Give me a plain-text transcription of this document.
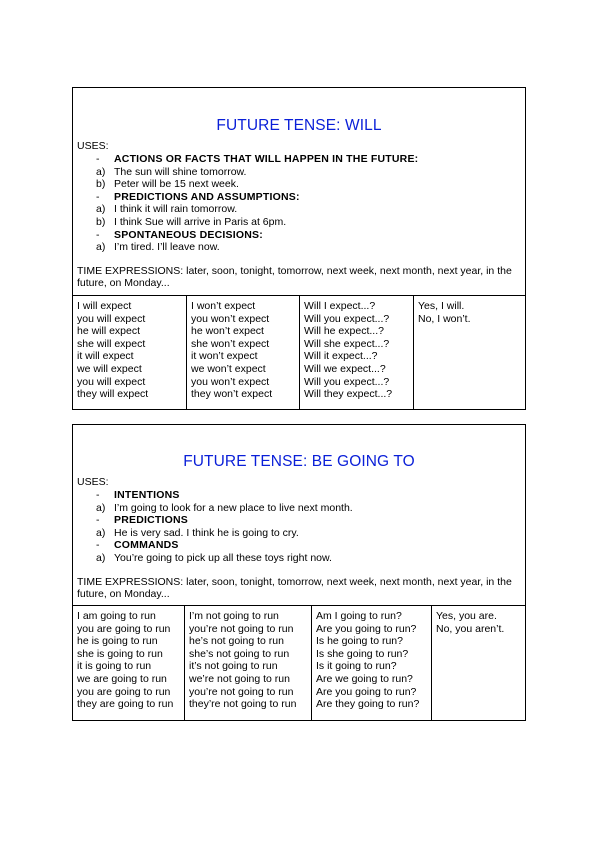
FUTURE TENSE: WILL
USES:
- ACTIONS OR FACTS THAT WILL HAPPEN IN THE FUTURE:
a) The sun will shine tomorrow.
b) Peter will be 15 next week.
- PREDICTIONS AND ASSUMPTIONS:
a) I think it will rain tomorrow.
b) I think Sue will arrive in Paris at 6pm.
- SPONTANEOUS DECISIONS:
a) I’m tired. I’ll leave now.
TIME EXPRESSIONS: later, soon, tonight, tomorrow, next week, next month, next year, in the future, on Monday...
I will expect
you will expect
he will expect
she will expect
it will expect
we will expect
you will expect
they will expect
I won’t expect
you won’t expect
he won’t expect
she won’t expect
it won’t expect
we won’t expect
you won’t expect
they won’t expect
Will I expect...?
Will you expect...?
Will he expect...?
Will she expect...?
Will it expect...?
Will we expect...?
Will you expect...?
Will they expect...?
Yes, I will.
No, I won’t.
FUTURE TENSE: BE GOING TO
USES:
- INTENTIONS
a) I’m going to look for a new place to live next month.
- PREDICTIONS
a) He is very sad. I think he is going to cry.
- COMMANDS
a) You’re going to pick up all these toys right now.
TIME EXPRESSIONS: later, soon, tonight, tomorrow, next week, next month, next year, in the future, on Monday...
I am going to run
you are going to run
he is going to run
she is going to run
it is going to run
we are going to run
you are going to run
they are going to run
I’m not going to run
you’re not going to run
he’s not going to run
she’s not going to run
it’s not going to run
we’re not going to run
you’re not going to run
they’re not going to run
Am I going to run?
Are you going to run?
Is he going to run?
Is she going to run?
Is it going to run?
Are we going to run?
Are you going to run?
Are they going to run?
Yes, you are.
No, you aren’t.
